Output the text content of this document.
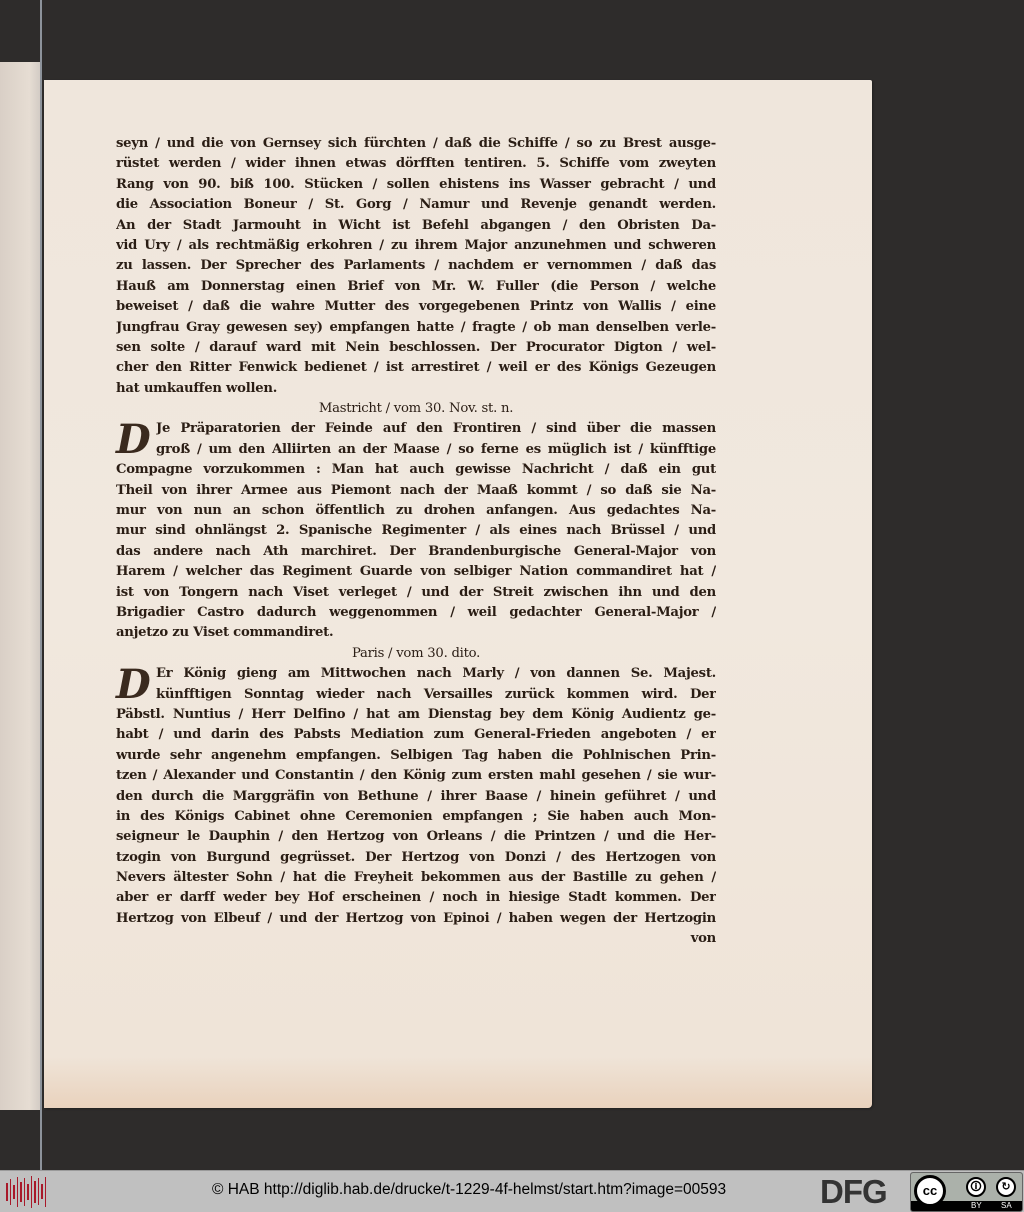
seyn / und die von Gernsey sich fürchten / daß die Schiffe / so zu Brest ausge-
rüstet werden / wider ihnen etwas dörfften tentiren. 5. Schiffe vom zweyten
Rang von 90. biß 100. Stücken / sollen ehistens ins Wasser gebracht / und
die Association Boneur / St. Gorg / Namur und Revenje genandt werden.
An der Stadt Jarmouht in Wicht ist Befehl abgangen / den Obristen Da-
vid Ury / als rechtmäßig erkohren / zu ihrem Major anzunehmen und schweren
zu lassen. Der Sprecher des Parlaments / nachdem er vernommen / daß das
Hauß am Donnerstag einen Brief von Mr. W. Fuller (die Person / welche
beweiset / daß die wahre Mutter des vorgegebenen Printz von Wallis / eine
Jungfrau Gray gewesen sey) empfangen hatte / fragte / ob man denselben verle-
sen solte / darauf ward mit Nein beschlossen. Der Procurator Digton / wel-
cher den Ritter Fenwick bedienet / ist arrestiret / weil er des Königs Gezeugen
hat umkauffen wollen.
Mastricht / vom 30. Nov. st. n.
D Je Präparatorien der Feinde auf den Frontiren / sind über die massen
groß / um den Alliirten an der Maase / so ferne es müglich ist / künfftige
Compagne vorzukommen : Man hat auch gewisse Nachricht / daß ein gut
Theil von ihrer Armee aus Piemont nach der Maaß kommt / so daß sie Na-
mur von nun an schon öffentlich zu drohen anfangen. Aus gedachtes Na-
mur sind ohnlängst 2. Spanische Regimenter / als eines nach Brüssel / und
das andere nach Ath marchiret. Der Brandenburgische General-Major von
Harem / welcher das Regiment Guarde von selbiger Nation commandiret hat /
ist von Tongern nach Viset verleget / und der Streit zwischen ihn und den
Brigadier Castro dadurch weggenommen / weil gedachter General-Major /
anjetzo zu Viset commandiret.
Paris / vom 30. dito.
D Er König gieng am Mittwochen nach Marly / von dannen Se. Majest.
künfftigen Sonntag wieder nach Versailles zurück kommen wird. Der
Päbstl. Nuntius / Herr Delfino / hat am Dienstag bey dem König Audientz ge-
habt / und darin des Pabsts Mediation zum General-Frieden angeboten / er
wurde sehr angenehm empfangen. Selbigen Tag haben die Pohlnischen Prin-
tzen / Alexander und Constantin / den König zum ersten mahl gesehen / sie wur-
den durch die Marggräfin von Bethune / ihrer Baase / hinein geführet / und
in des Königs Cabinet ohne Ceremonien empfangen ; Sie haben auch Mon-
seigneur le Dauphin / den Hertzog von Orleans / die Printzen / und die Her-
tzogin von Burgund gegrüsset. Der Hertzog von Donzi / des Hertzogen von
Nevers ältester Sohn / hat die Freyheit bekommen aus der Bastille zu gehen /
aber er darff weder bey Hof erscheinen / noch in hiesige Stadt kommen. Der
Hertzog von Elbeuf / und der Hertzog von Epinoi / haben wegen der Hertzogin
von
© HAB http://diglib.hab.de/drucke/t-1229-4f-helmst/start.htm?image=00593	DFG	cc	🛈	↻
BY SA
